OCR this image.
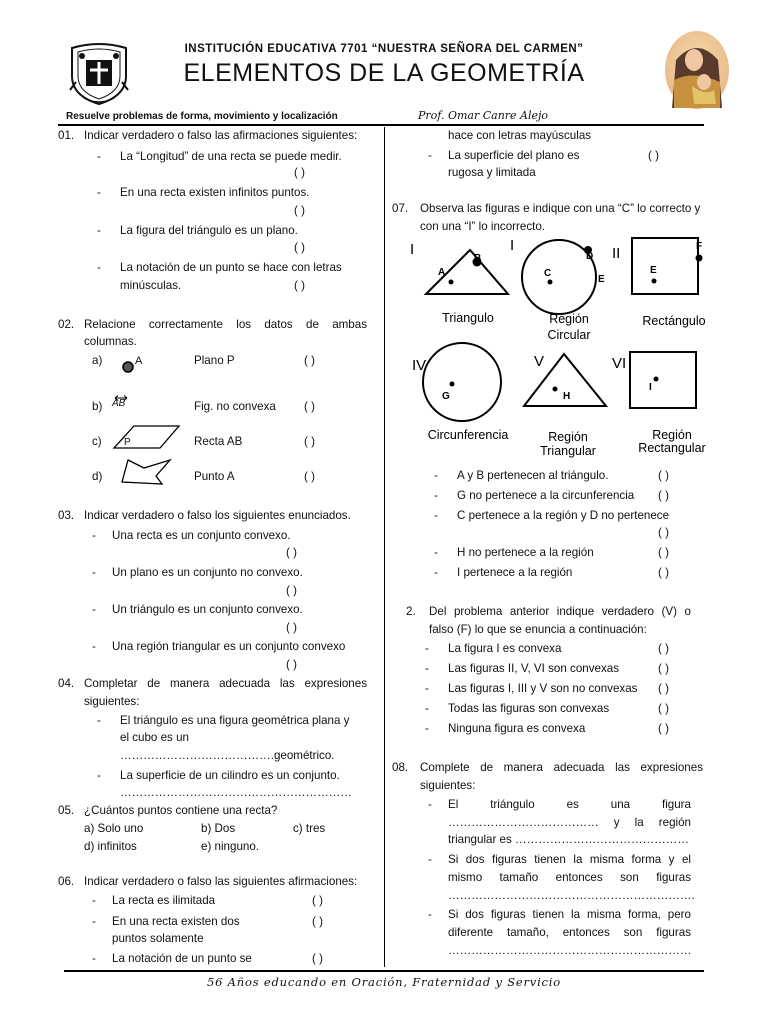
INSTITUCIÓN EDUCATIVA 7701 “NUESTRA SEÑORA DEL CARMEN”
ELEMENTOS DE LA GEOMETRÍA
Resuelve problemas de forma, movimiento y localización	Prof. Omar Canre Alejo
01. Indicar verdadero o falso las afirmaciones siguientes:
- La “Longitud” de una recta se puede medir.
( )
- En una recta existen infinitos puntos.
( )
- La figura del triángulo es un plano.
( )
- La notación de un punto se hace con letras
minúsculas.	( )
02. Relacione correctamente los datos de ambas
columnas.
a)	A	Plano P	( )
b) AB	Fig. no convexa ( )
c) P	Recta AB	( )
d)	Punto A	( )
03. Indicar verdadero o falso los siguientes enunciados.
- Una recta es un conjunto convexo.
( )
- Un plano es un conjunto no convexo.
( )
- Un triángulo es un conjunto convexo.
( )
- Una región triangular es un conjunto convexo
( )
04. Completar de manera adecuada las expresiones
siguientes:
- El triángulo es una figura geométrica plana y
el cubo es un
………………………………….geométrico.
- La superficie de un cilindro es un conjunto.
……………………………………………………
05. ¿Cuántos puntos contiene una recta?
a) Solo uno	b) Dos	c) tres
d) infinitos	e) ninguno.
06. Indicar verdadero o falso las siguientes afirmaciones:
- La recta es ilimitada	( )
- En una recta existen dos
puntos solamente
( )
- La notación de un punto se	( )
hace con letras mayúsculas
- La superficie del plano es
rugosa y limitada
( )
07. Observa las figuras e indique con una “C” lo correcto y
con una “I” lo incorrecto.
I
A
B
I
C
D
E
II
E
F
Triangulo	Región
Circular
Rectángulo
IV
G
V
H
VI
I
Circunferencia	Región
Triangular
Región
Rectangular
- A y B pertenecen al triángulo.	( )
- G no pertenece a la circunferencia ( )
- C pertenece a la región y D no pertenece
( )
- H no pertenece a la región	( )
- I pertenece a la región	( )
2. Del problema anterior indique verdadero (V) o
falso (F) lo que se enuncia a continuación:
- La figura I es convexa	( )
- Las figuras II, V, VI son convexas	( )
- Las figuras I, III y V son no convexas ( )
- Todas las figuras son convexas	( )
- Ninguna figura es convexa	( )
08. Complete de manera adecuada las expresiones
siguientes:
- El triángulo es una figura
………………………………… y la región
triangular es ………………………………………
- Si dos figuras tienen la misma forma y el
mismo tamaño entonces son figuras
……………………………………………………….
- Si dos figuras tienen la misma forma, pero
diferente tamaño, entonces son figuras
………………………………………………………
56 Años educando en Oración, Fraternidad y Servicio
